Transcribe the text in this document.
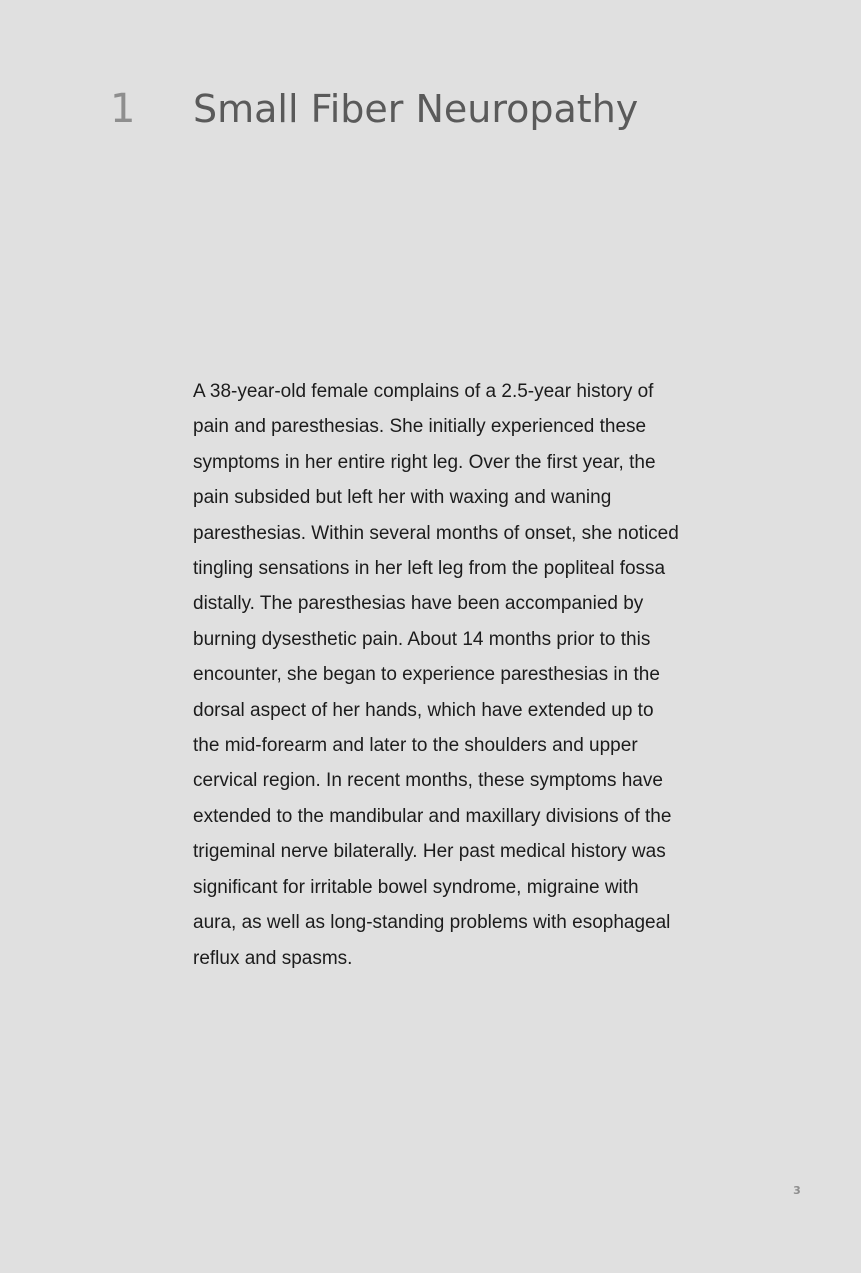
1 Small Fiber Neuropathy
A 38-year-old female complains of a 2.5-year history of
pain and paresthesias. She initially experienced these
symptoms in her entire right leg. Over the first year, the
pain subsided but left her with waxing and waning
paresthesias. Within several months of onset, she noticed
tingling sensations in her left leg from the popliteal fossa
distally. The paresthesias have been accompanied by
burning dysesthetic pain. About 14 months prior to this
encounter, she began to experience paresthesias in the
dorsal aspect of her hands, which have extended up to
the mid-forearm and later to the shoulders and upper
cervical region. In recent months, these symptoms have
extended to the mandibular and maxillary divisions of the
trigeminal nerve bilaterally. Her past medical history was
significant for irritable bowel syndrome, migraine with
aura, as well as long-standing problems with esophageal
reflux and spasms.
3
